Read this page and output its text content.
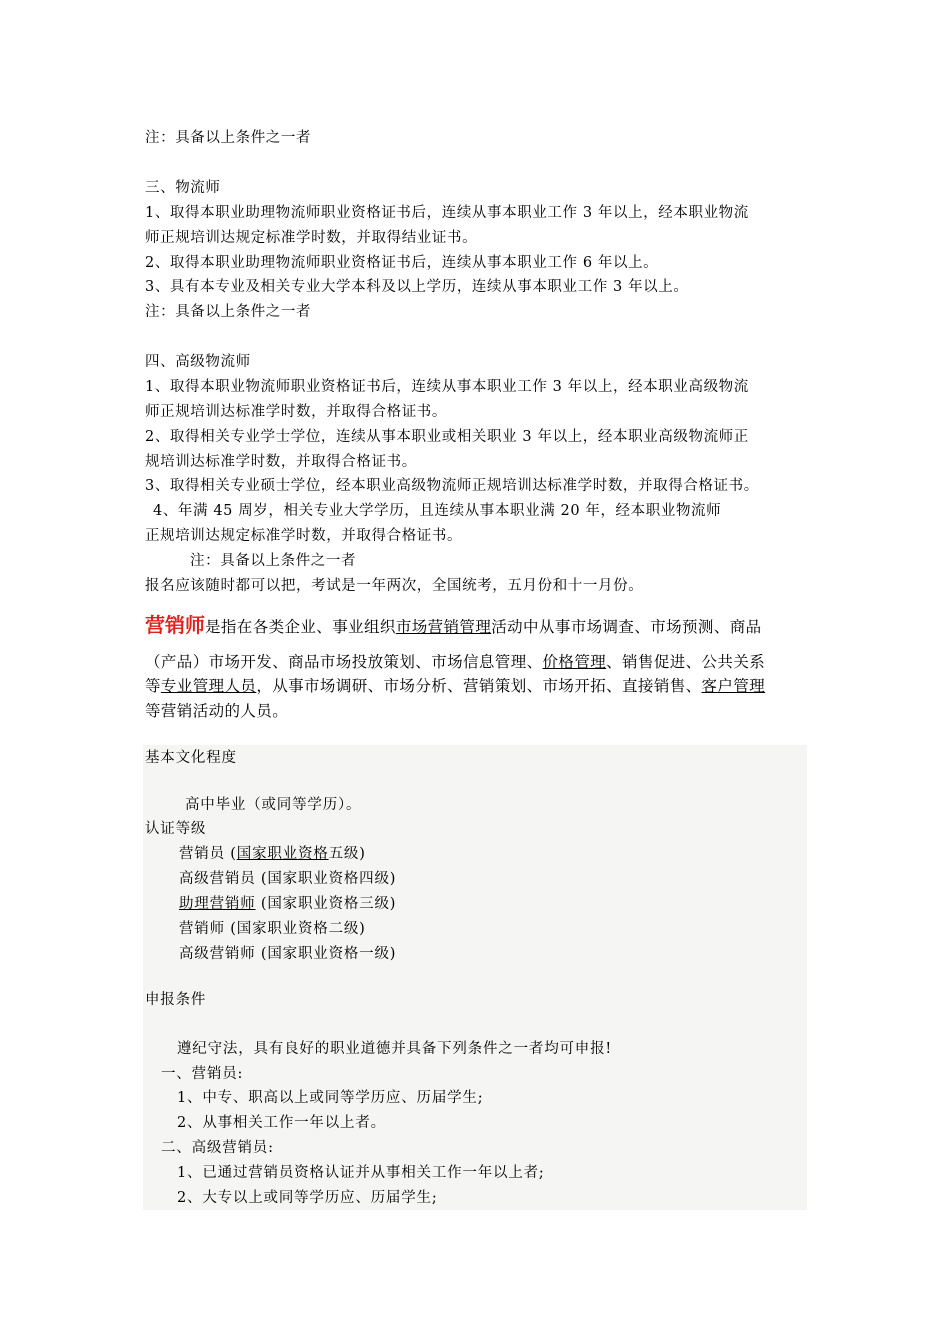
注：具备以上条件之一者
三、物流师
1、取得本职业助理物流师职业资格证书后，连续从事本职业工作 3 年以上，经本职业物流
师正规培训达规定标准学时数，并取得结业证书。
2、取得本职业助理物流师职业资格证书后，连续从事本职业工作 6 年以上。
3、具有本专业及相关专业大学本科及以上学历，连续从事本职业工作 3 年以上。
注：具备以上条件之一者
四、高级物流师
1、取得本职业物流师职业资格证书后，连续从事本职业工作 3 年以上，经本职业高级物流
师正规培训达标准学时数，并取得合格证书。
2、取得相关专业学士学位，连续从事本职业或相关职业 3 年以上，经本职业高级物流师正
规培训达标准学时数，并取得合格证书。
3、取得相关专业硕士学位，经本职业高级物流师正规培训达标准学时数，并取得合格证书。
4、年满 45 周岁，相关专业大学学历，且连续从事本职业满 20 年，经本职业物流师
正规培训达规定标准学时数，并取得合格证书。
注：具备以上条件之一者
报名应该随时都可以把，考试是一年两次，全国统考，五月份和十一月份。
营销师是指在各类企业、事业组织市场营销管理活动中从事市场调查、市场预测、商品
（产品）市场开发、商品市场投放策划、市场信息管理、价格管理、销售促进、公共关系
等专业管理人员，从事市场调研、市场分析、营销策划、市场开拓、直接销售、客户管理
等营销活动的人员。
基本文化程度
高中毕业（或同等学历）。
认证等级
营销员 (国家职业资格五级)
高级营销员 (国家职业资格四级)
助理营销师 (国家职业资格三级)
营销师 (国家职业资格二级)
高级营销师 (国家职业资格一级)
申报条件
遵纪守法，具有良好的职业道德并具备下列条件之一者均可申报!
一、营销员:
1、中专、职高以上或同等学历应、历届学生;
2、从事相关工作一年以上者。
二、高级营销员:
1、已通过营销员资格认证并从事相关工作一年以上者;
2、大专以上或同等学历应、历届学生;
